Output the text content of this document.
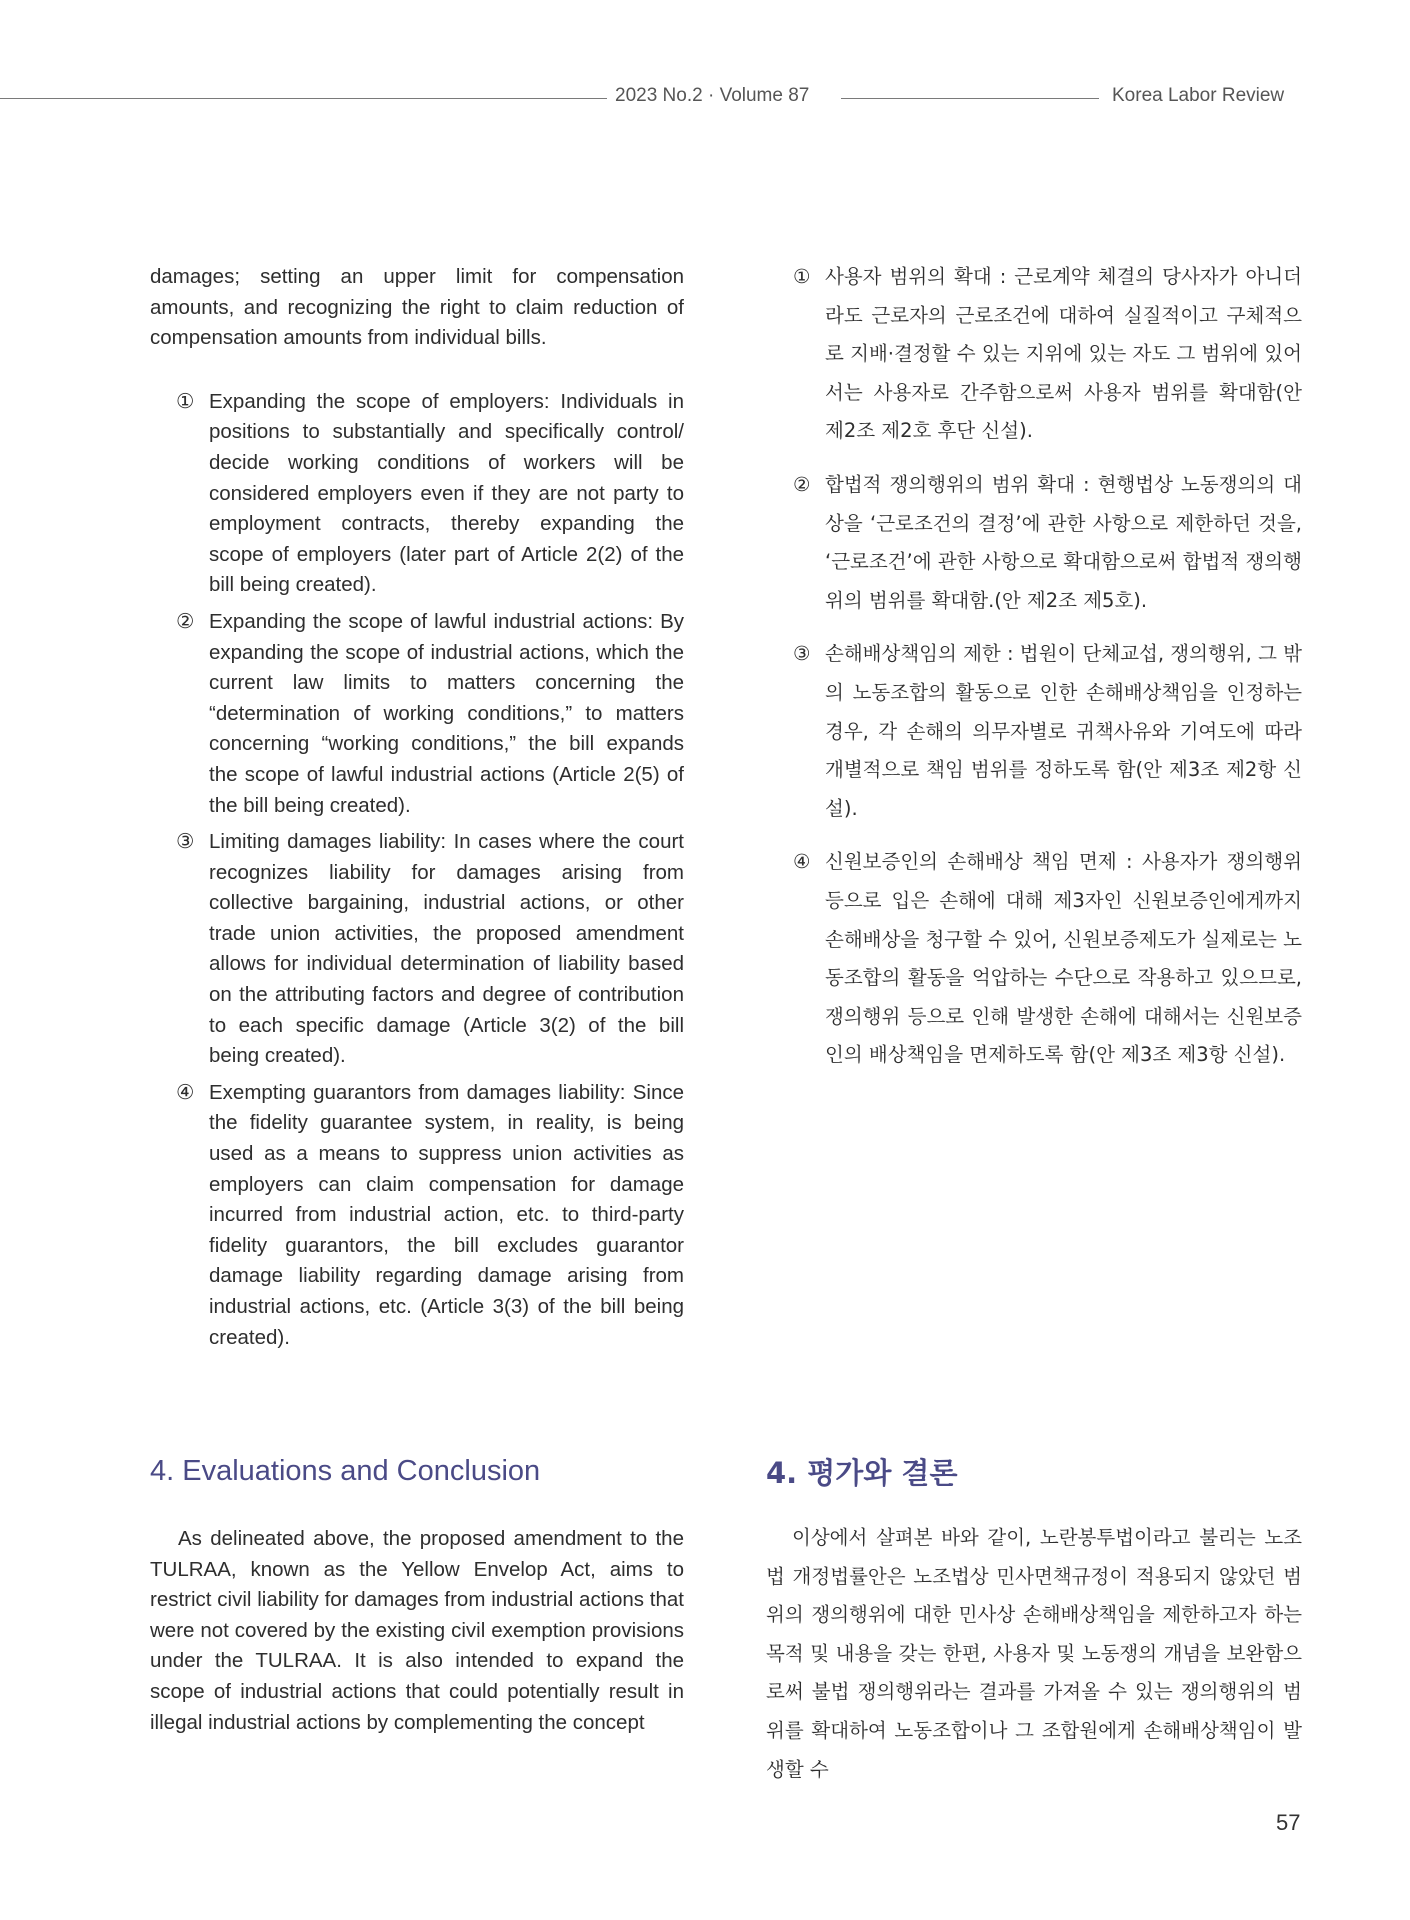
2023 No.2 · Volume 87	Korea Labor Review

damages; setting an upper limit for compensation amounts, and recognizing the right to claim reduction of compensation amounts from individual bills.

① Expanding the scope of employers: Individuals in positions to substantially and specifically control/ decide working conditions of workers will be considered employers even if they are not party to employment contracts, thereby expanding the scope of employers (later part of Article 2(2) of the bill being created).
② Expanding the scope of lawful industrial actions: By expanding the scope of industrial actions, which the current law limits to matters concerning the “determination of working conditions,” to matters concerning “working conditions,” the bill expands the scope of lawful industrial actions (Article 2(5) of the bill being created).
③ Limiting damages liability: In cases where the court recognizes liability for damages arising from collective bargaining, industrial actions, or other trade union activities, the proposed amendment allows for individual determination of liability based on the attributing factors and degree of contribution to each specific damage (Article 3(2) of the bill being created).
④ Exempting guarantors from damages liability: Since the fidelity guarantee system, in reality, is being used as a means to suppress union activities as employers can claim compensation for damage incurred from industrial action, etc. to third-party fidelity guarantors, the bill excludes guarantor damage liability regarding damage arising from industrial actions, etc. (Article 3(3) of the bill being created).
① 사용자 범위의 확대 : 근로계약 체결의 당사자가 아니더라도 근로자의 근로조건에 대하여 실질적이고 구체적으로 지배·결정할 수 있는 지위에 있는 자도 그 범위에 있어서는 사용자로 간주함으로써 사용자 범위를 확대함(안 제2조 제2호 후단 신설).
② 합법적 쟁의행위의 범위 확대 : 현행법상 노동쟁의의 대상을 ‘근로조건의 결정’에 관한 사항으로 제한하던 것을, ‘근로조건’에 관한 사항으로 확대함으로써 합법적 쟁의행위의 범위를 확대함.(안 제2조 제5호).
③ 손해배상책임의 제한 : 법원이 단체교섭, 쟁의행위, 그 밖의 노동조합의 활동으로 인한 손해배상책임을 인정하는 경우, 각 손해의 의무자별로 귀책사유와 기여도에 따라 개별적으로 책임 범위를 정하도록 함(안 제3조 제2항 신설).
④ 신원보증인의 손해배상 책임 면제 : 사용자가 쟁의행위 등으로 입은 손해에 대해 제3자인 신원보증인에게까지 손해배상을 청구할 수 있어, 신원보증제도가 실제로는 노동조합의 활동을 억압하는 수단으로 작용하고 있으므로, 쟁의행위 등으로 인해 발생한 손해에 대해서는 신원보증인의 배상책임을 면제하도록 함(안 제3조 제3항 신설).
4. Evaluations and Conclusion	4. 평가와 결론

As delineated above, the proposed amendment to the TULRAA, known as the Yellow Envelop Act, aims to restrict civil liability for damages from industrial actions that were not covered by the existing civil exemption provisions under the TULRAA. It is also intended to expand the scope of industrial actions that could potentially result in illegal industrial actions by complementing the concept

이상에서 살펴본 바와 같이, 노란봉투법이라고 불리는 노조법 개정법률안은 노조법상 민사면책규정이 적용되지 않았던 범위의 쟁의행위에 대한 민사상 손해배상책임을 제한하고자 하는 목적 및 내용을 갖는 한편, 사용자 및 노동쟁의 개념을 보완함으로써 불법 쟁의행위라는 결과를 가져올 수 있는 쟁의행위의 범위를 확대하여 노동조합이나 그 조합원에게 손해배상책임이 발생할 수

57
